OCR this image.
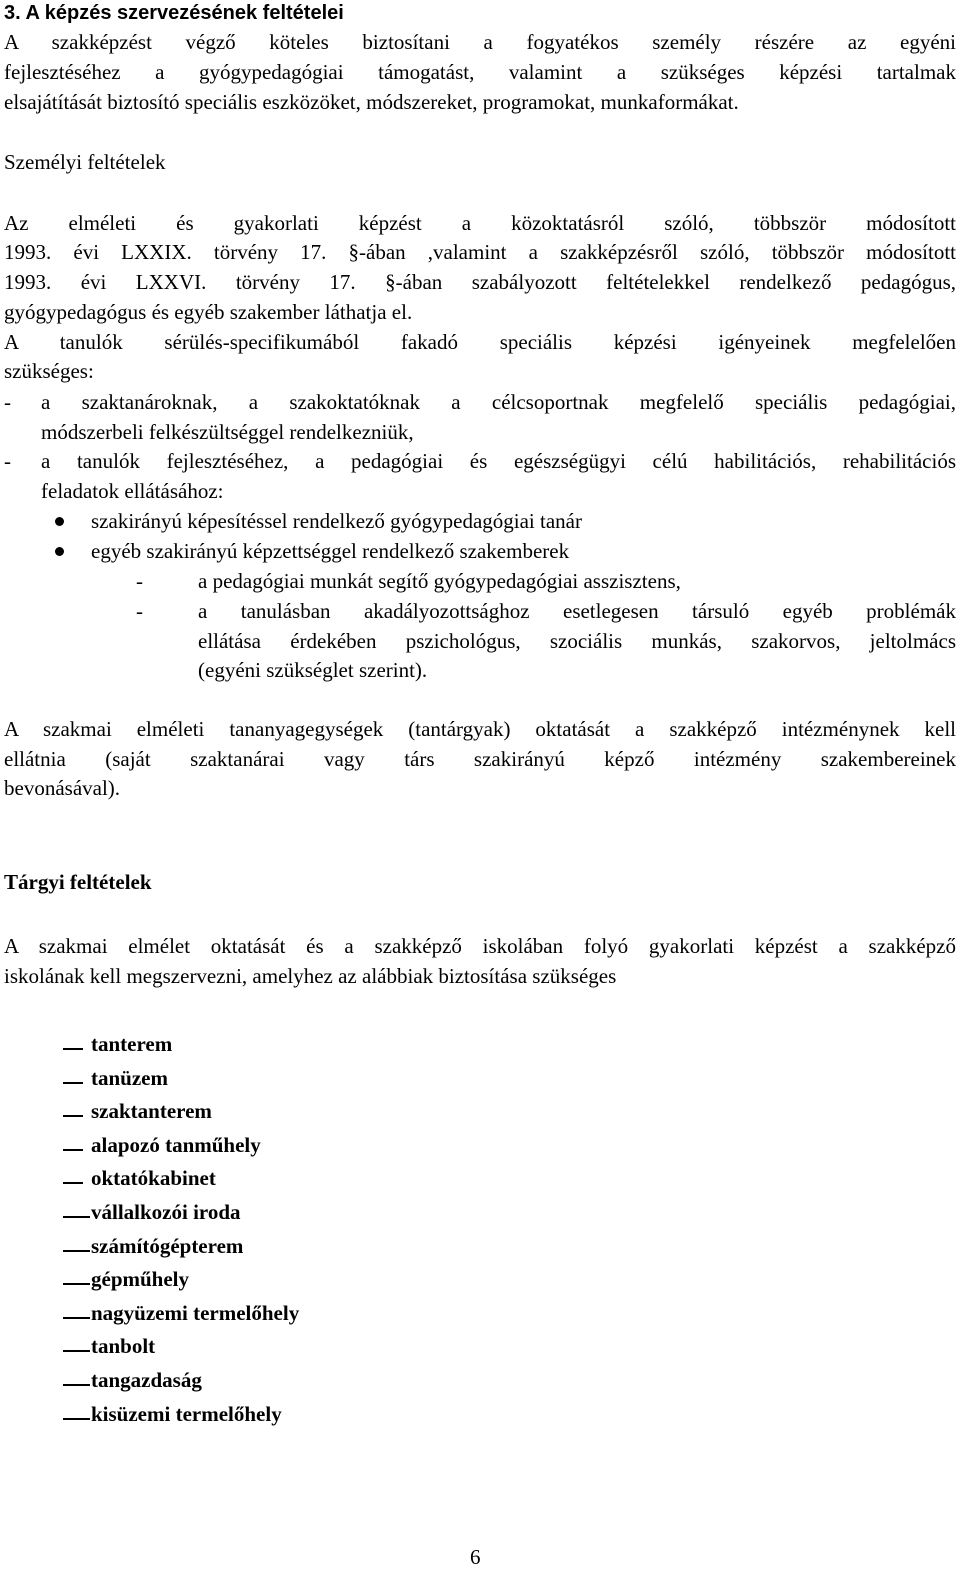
3. A képzés szervezésének feltételei
A szakképzést végző köteles biztosítani a fogyatékos személy részére az egyéni
fejlesztéséhez a gyógypedagógiai támogatást, valamint a szükséges képzési tartalmak
elsajátítását biztosító speciális eszközöket, módszereket, programokat, munkaformákat.
Személyi feltételek
Az elméleti és gyakorlati képzést a közoktatásról szóló, többször módosított
1993. évi LXXIX. törvény 17. §-ában ,valamint a szakképzésről szóló, többször módosított
1993. évi LXXVI. törvény 17. §-ában szabályozott feltételekkel rendelkező pedagógus,
gyógypedagógus és egyéb szakember láthatja el.
A tanulók sérülés-specifikumából fakadó speciális képzési igényeinek megfelelően
szükséges:
- a szaktanároknak, a szakoktatóknak a célcsoportnak megfelelő speciális pedagógiai,
módszerbeli felkészültséggel rendelkezniük,
- a tanulók fejlesztéséhez, a pedagógiai és egészségügyi célú habilitációs, rehabilitációs
feladatok ellátásához:
szakirányú képesítéssel rendelkező gyógypedagógiai tanár
egyéb szakirányú képzettséggel rendelkező szakemberek
-	a pedagógiai munkát segítő gyógypedagógiai asszisztens,
-	a tanulásban akadályozottsághoz esetlegesen társuló egyéb problémák
ellátása érdekében pszichológus, szociális munkás, szakorvos, jeltolmács
(egyéni szükséglet szerint).
A szakmai elméleti tananyagegységek (tantárgyak) oktatását a szakképző intézménynek kell
ellátnia (saját szaktanárai vagy társ szakirányú képző intézmény szakembereinek
bevonásával).
Tárgyi feltételek
A szakmai elmélet oktatását és a szakképző iskolában folyó gyakorlati képzést a szakképző
iskolának kell megszervezni, amelyhez az alábbiak biztosítása szükséges
tanterem
tanüzem
szaktanterem
alapozó tanműhely
oktatókabinet
vállalkozói iroda
számítógépterem
gépműhely
nagyüzemi termelőhely
tanbolt
tangazdaság
kisüzemi termelőhely
6
